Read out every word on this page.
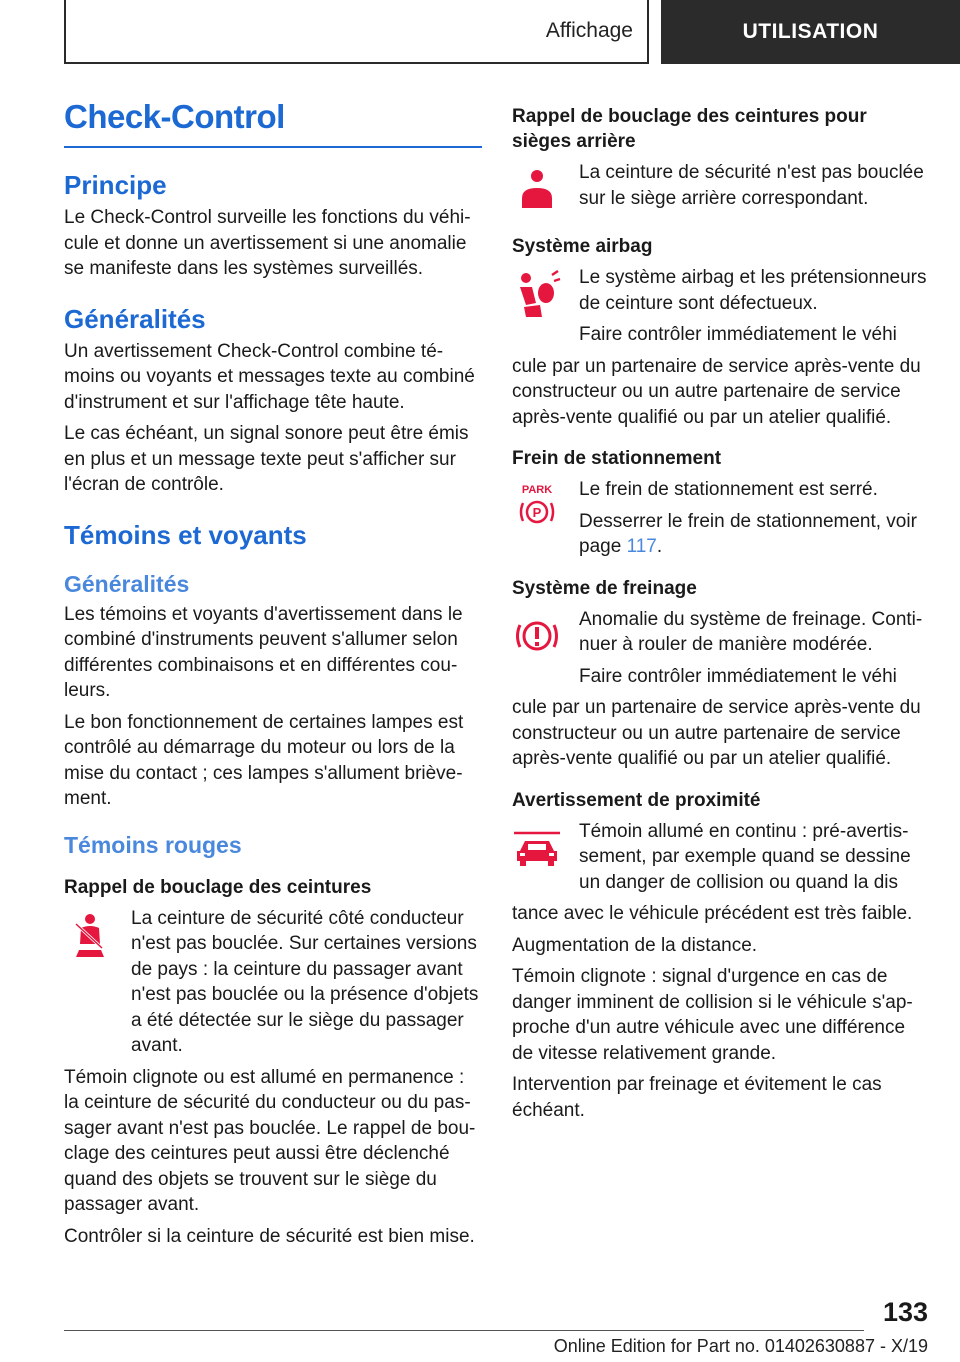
Affichage	UTILISATION
Check-Control
Principe

Le Check-Control surveille les fonctions du véhicule et donne un avertissement si une anomalie se manifeste dans les systèmes surveillés.

Généralités

Un avertissement Check-Control combine témoins ou voyants et messages texte au combiné d'instrument et sur l'affichage tête haute.

Le cas échéant, un signal sonore peut être émis en plus et un message texte peut s'afficher sur l'écran de contrôle.

Témoins et voyants
Généralités

Les témoins et voyants d'avertissement dans le combiné d'instruments peuvent s'allumer selon différentes combinaisons et en différentes couleurs.

Le bon fonctionnement de certaines lampes est contrôlé au démarrage du moteur ou lors de la mise du contact ; ces lampes s'allument brièvement.

Témoins rouges
Rappel de bouclage des ceintures

La ceinture de sécurité côté conducteur n'est pas bouclée. Sur certaines versions de pays : la ceinture du passager avant n'est pas bouclée ou la présence d'objets a été détectée sur le siège du passager avant.

Témoin clignote ou est allumé en permanence : la ceinture de sécurité du conducteur ou du passager avant n'est pas bouclée. Le rappel de bouclage des ceintures peut aussi être déclenché quand des objets se trouvent sur le siège du passager avant.

Contrôler si la ceinture de sécurité est bien mise.

Rappel de bouclage des ceintures pour sièges arrière

La ceinture de sécurité n'est pas bouclée sur le siège arrière correspondant.

Système airbag

Le système airbag et les prétensionneurs de ceinture sont défectueux.

Faire contrôler immédiatement le véhi

cule par un partenaire de service après-vente du constructeur ou un autre partenaire de service après-vente qualifié ou par un atelier qualifié.

Frein de stationnement
PARK
P

Le frein de stationnement est serré.

Desserrer le frein de stationnement, voir page 117.

Système de freinage

Anomalie du système de freinage. Continuer à rouler de manière modérée.

Faire contrôler immédiatement le véhi

cule par un partenaire de service après-vente du constructeur ou un autre partenaire de service après-vente qualifié ou par un atelier qualifié.

Avertissement de proximité

Témoin allumé en continu : pré-avertissement, par exemple quand se dessine un danger de collision ou quand la dis

tance avec le véhicule précédent est très faible.

Augmentation de la distance.

Témoin clignote : signal d'urgence en cas de danger imminent de collision si le véhicule s'approche d'un autre véhicule avec une différence de vitesse relativement grande.

Intervention par freinage et évitement le cas échéant.

133
Online Edition for Part no. 01402630887 - X/19
